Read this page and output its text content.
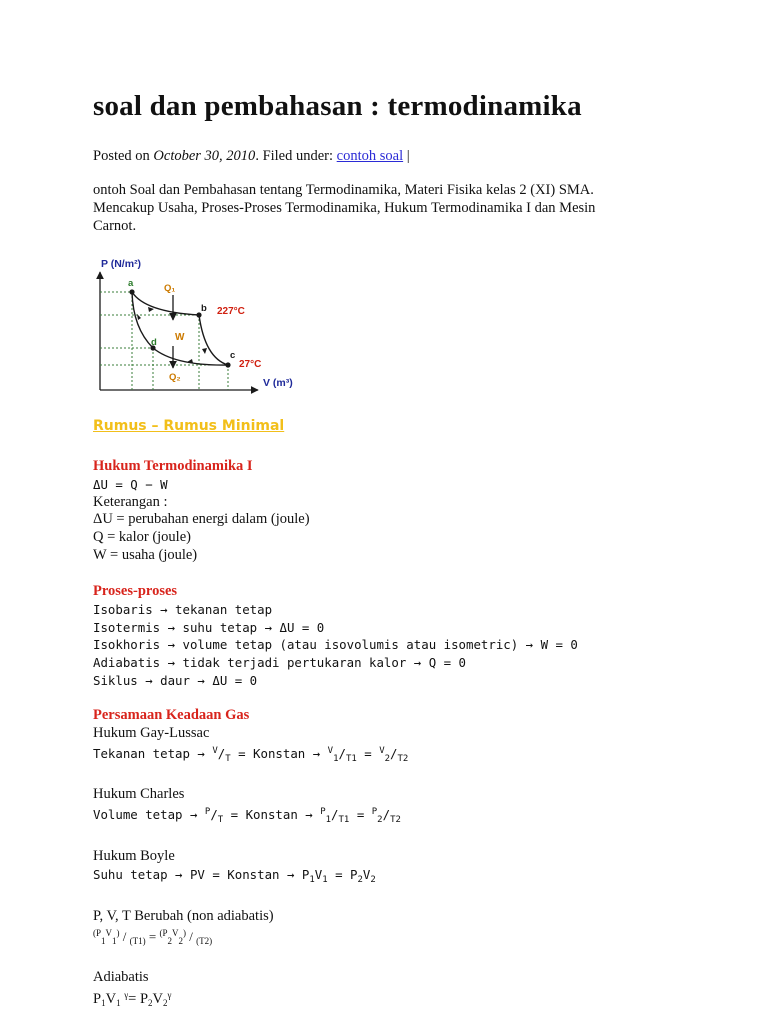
soal dan pembahasan : termodinamika
Posted on October 30, 2010. Filed under: contoh soal |
ontoh Soal dan Pembahasan tentang Termodinamika, Materi Fisika kelas 2 (XI) SMA.
Mencakup Usaha, Proses-Proses Termodinamika, Hukum Termodinamika I dan Mesin
Carnot.
P (N/m²)
V (m³)
a
b
c
d
Q₁
Q₂
W
227°C
27°C
Rumus – Rumus Minimal
Hukum Termodinamika I
ΔU = Q − W
Keterangan :
ΔU = perubahan energi dalam (joule)
Q = kalor (joule)
W = usaha (joule)
Proses-proses
Isobaris → tekanan tetap
Isotermis → suhu tetap → ΔU = 0
Isokhoris → volume tetap (atau isovolumis atau isometric) → W = 0
Adiabatis → tidak terjadi pertukaran kalor → Q = 0
Siklus → daur → ΔU = 0
Persamaan Keadaan Gas
Hukum Gay-Lussac
Tekanan tetap → $^V/_T$ = Konstan → $^V_1/_{T1} = ^V_2/_{T2}$
Hukum Charles
Volume tetap → $^P/_T$ = Konstan → $^P_1/_{T1} = ^P_2/_{T2}$
Hukum Boyle
Suhu tetap → PV = Konstan → $P_1V_1 = P_2V_2$
P, V, T Berubah (non adiabatis)
$^{(P}_1^V_1$) / $_{(T1)}$ = $^{(P}_2^V_2$) / $_{(T2)}$
Adiabatis
$P_1V_1$ $^\gamma= P_2V_2^\gamma$
